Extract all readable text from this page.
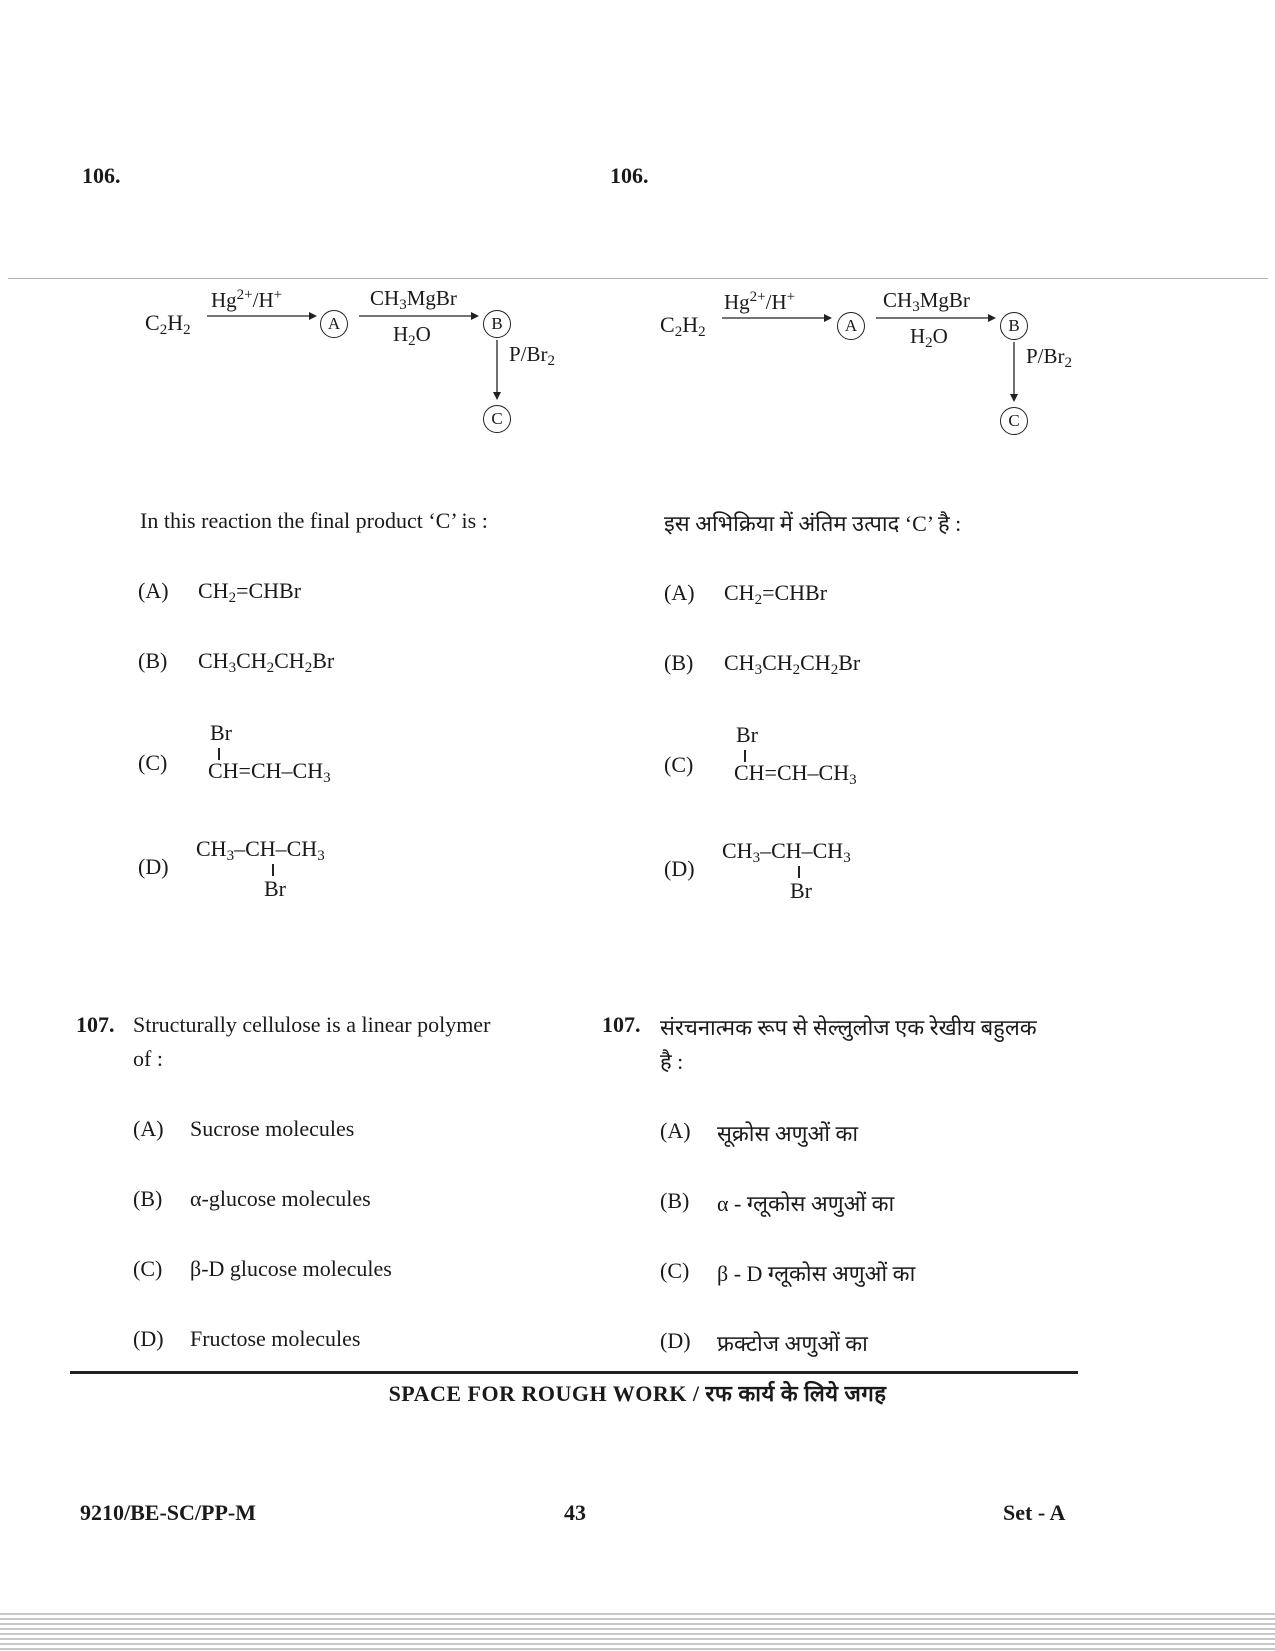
106.	106.
$C_2H_2$
$Hg^{2+}/H^+$
A
$CH_3MgBr$
$H_2O$	B
$P/Br_2$
C
$C_2H_2$
$Hg^{2+}/H^+$
A
$CH_3MgBr$
$H_2O$	B
$P/Br_2$
C
In this reaction the final product ‘C’ is :
(A) $CH_2=CHBr$
(B) $CH_3CH_2CH_2Br$
(C)
Br
$CH=CH-CH_3$
(D)
$CH_3-CH-CH_3$
Br
इस अभिक्रिया में अंतिम उत्पाद ‘C’ है :
(A) $CH_2=CHBr$
(B) $CH_3CH_2CH_2Br$
(C)
Br
$CH=CH-CH_3$
(D)
$CH_3-CH-CH_3$
Br
107. Structurally cellulose is a linear polymer
of :
(A) Sucrose molecules
(B) α-glucose molecules
(C) β-D glucose molecules
(D) Fructose molecules
107. संरचनात्मक रूप से सेल्लुलोज एक रेखीय बहुलक
है :
(A) सूक्रोस अणुओं का
(B) α - ग्लूकोस अणुओं का
(C) β - D ग्लूकोस अणुओं का
(D) फ्रक्टोज अणुओं का
SPACE FOR ROUGH WORK / रफ कार्य के लिये जगह
9210/BE-SC/PP-M	43	Set - A
